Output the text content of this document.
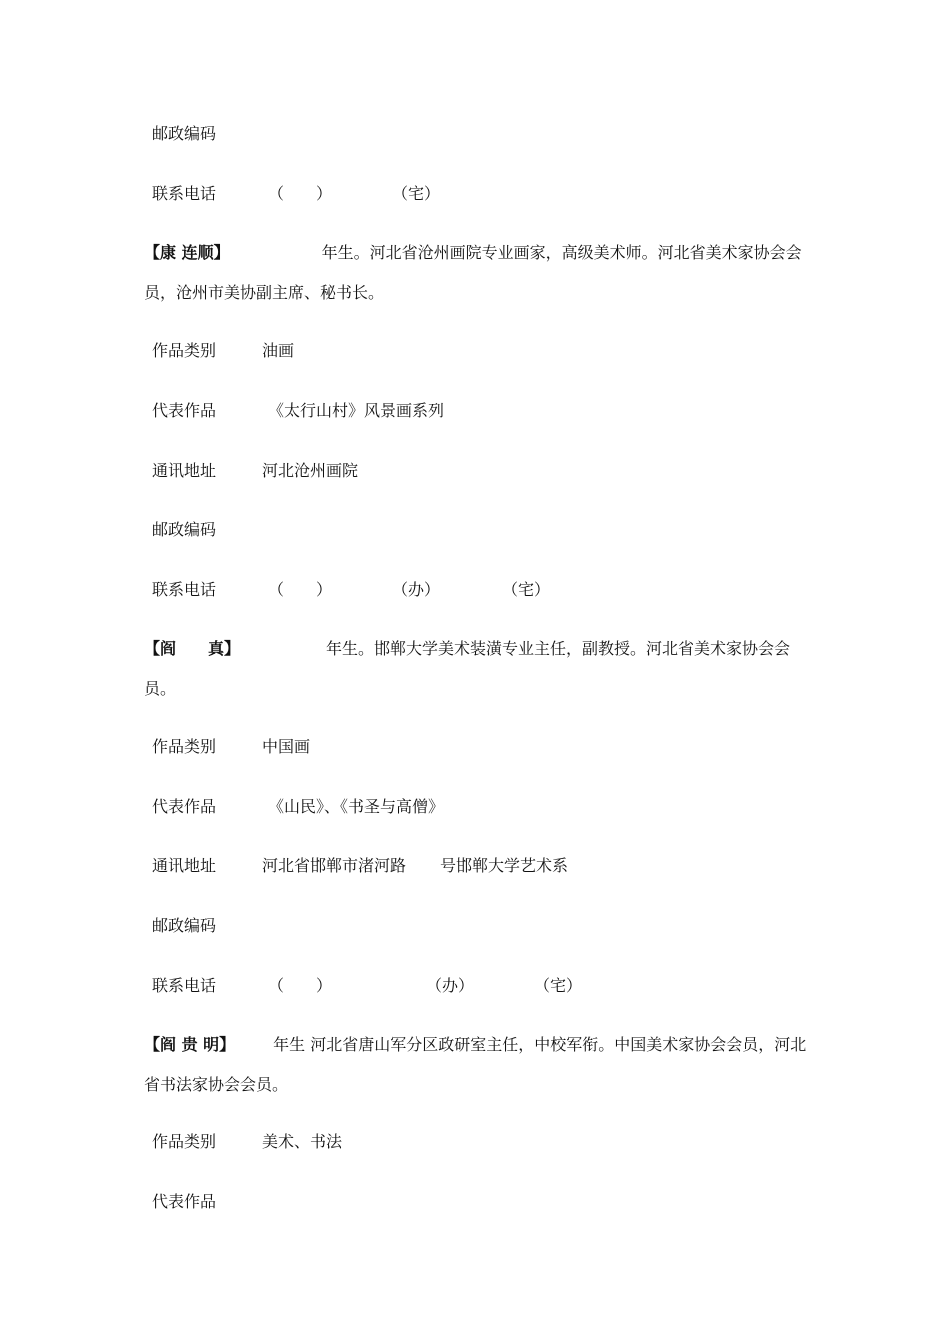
邮政编码
联系电话	（　　）	（宅）
【康 连顺】	年生。河北省沧州画院专业画家，高级美术师。河北省美术家协会会员，沧州市美协副主席、秘书长。
作品类别	油画
代表作品	《太行山村》风景画系列
通讯地址	河北沧州画院
邮政编码
联系电话	（　　）	（办）	（宅）
【阎　　真】	年生。邯郸大学美术装潢专业主任，副教授。河北省美术家协会会员。
作品类别	中国画
代表作品	《山民》、《书圣与高僧》
通讯地址	河北省邯郸市渚河路 号邯郸大学艺术系
邮政编码
联系电话	（　　）	（办）	（宅）
【阎 贵 明】 年生 河北省唐山军分区政研室主任，中校军衔。中国美术家协会会员，河北省书法家协会会员。
作品类别	美术、书法
代表作品
